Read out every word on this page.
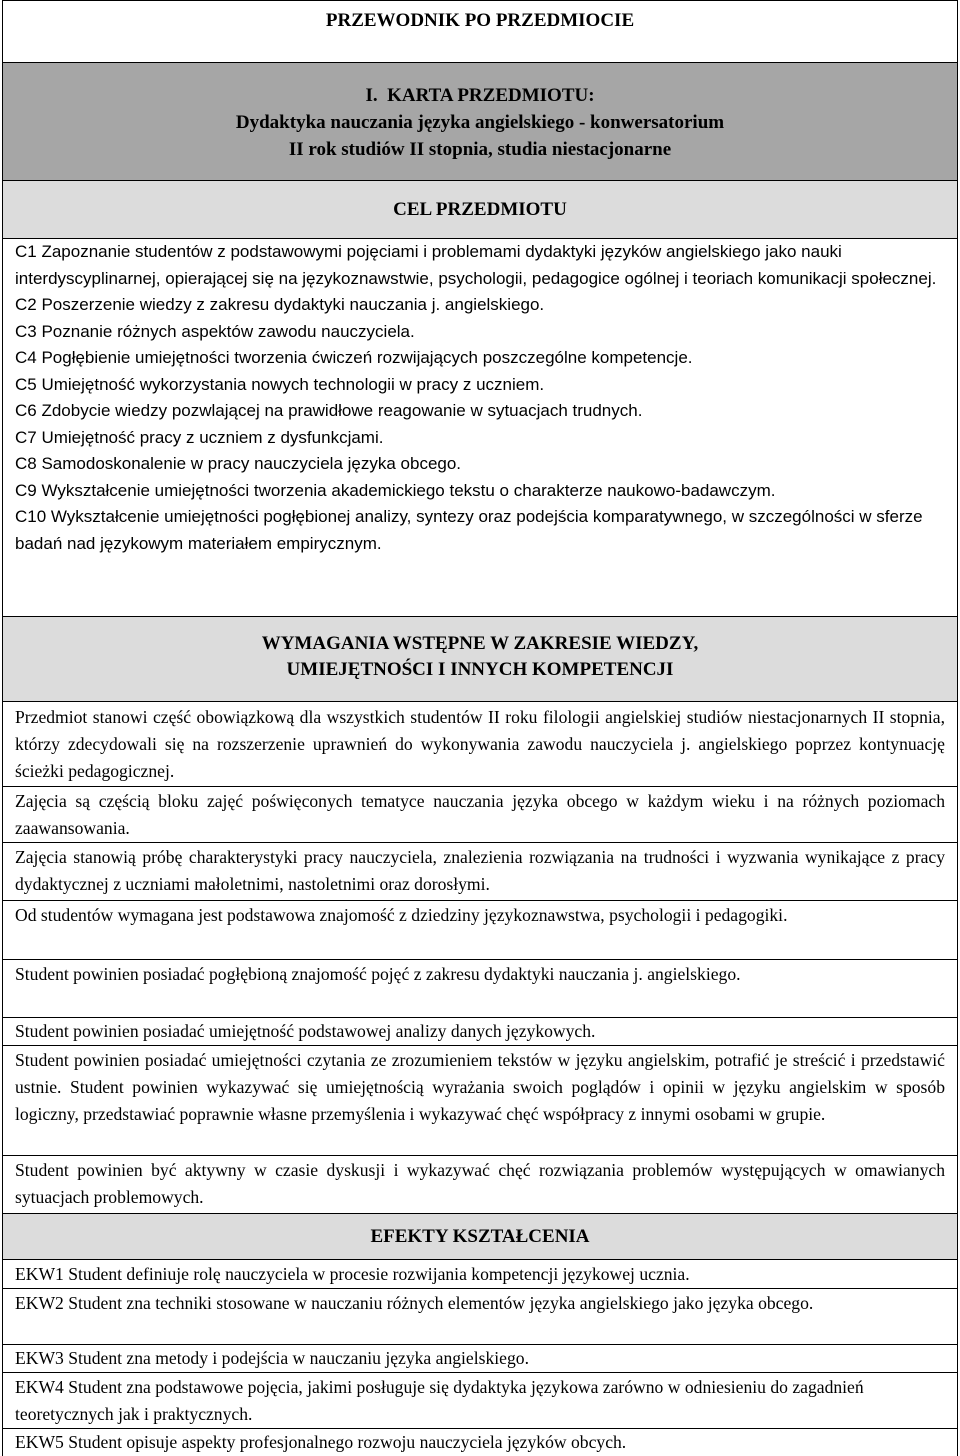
PRZEWODNIK PO PRZEDMIOCIE
I.  KARTA PRZEDMIOTU:
Dydaktyka nauczania języka angielskiego - konwersatorium
II rok studiów II stopnia, studia niestacjonarne
CEL PRZEDMIOTU

C1 Zapoznanie studentów z podstawowymi pojęciami i problemami dydaktyki języków angielskiego jako nauki interdyscyplinarnej, opierającej się na językoznawstwie, psychologii, pedagogice ogólnej i teoriach komunikacji społecznej.

C2 Poszerzenie wiedzy z zakresu dydaktyki nauczania j. angielskiego.

C3 Poznanie różnych aspektów zawodu nauczyciela.

C4 Pogłębienie umiejętności tworzenia ćwiczeń rozwijających poszczególne kompetencje.

C5 Umiejętność wykorzystania nowych technologii w pracy z uczniem.

C6 Zdobycie wiedzy pozwlającej na prawidłowe reagowanie w sytuacjach trudnych.

C7 Umiejętność pracy z uczniem z dysfunkcjami.

C8 Samodoskonalenie w pracy nauczyciela języka obcego.

C9 Wykształcenie umiejętności tworzenia akademickiego tekstu o charakterze naukowo-badawczym.

C10 Wykształcenie umiejętności pogłębionej analizy, syntezy oraz podejścia komparatywnego, w szczególności w sferze badań nad językowym materiałem empirycznym.

WYMAGANIA WSTĘPNE W ZAKRESIE WIEDZY,
UMIEJĘTNOŚCI I INNYCH KOMPETENCJI

Przedmiot stanowi część obowiązkową dla wszystkich studentów II roku filologii angielskiej studiów niestacjonarnych II stopnia, którzy zdecydowali się na rozszerzenie uprawnień do wykonywania zawodu nauczyciela j. angielskiego poprzez kontynuację ścieżki pedagogicznej.

Zajęcia są częścią bloku zajęć poświęconych tematyce nauczania języka obcego w każdym wieku i na różnych poziomach zaawansowania.

Zajęcia stanowią próbę charakterystyki pracy nauczyciela, znalezienia rozwiązania na trudności i wyzwania wynikające z pracy dydaktycznej z uczniami małoletnimi, nastoletnimi oraz dorosłymi.

Od studentów wymagana jest podstawowa znajomość z dziedziny językoznawstwa, psychologii i pedagogiki.

Student powinien posiadać pogłębioną znajomość pojęć z zakresu dydaktyki nauczania j. angielskiego.

Student powinien posiadać umiejętność podstawowej analizy danych językowych.

Student powinien posiadać umiejętności czytania ze zrozumieniem tekstów w języku angielskim, potrafić je streścić i przedstawić ustnie. Student powinien wykazywać się umiejętnością wyrażania swoich poglądów i opinii w języku angielskim w sposób logiczny, przedstawiać poprawnie własne przemyślenia i wykazywać chęć współpracy z innymi osobami w grupie.

Student powinien być aktywny w czasie dyskusji i wykazywać chęć rozwiązania problemów występujących w omawianych sytuacjach problemowych.

EFEKTY KSZTAŁCENIA

EKW1 Student definiuje rolę nauczyciela w procesie rozwijania kompetencji językowej ucznia.

EKW2 Student zna techniki stosowane w nauczaniu różnych elementów języka angielskiego jako języka obcego.

EKW3 Student zna metody i podejścia w nauczaniu języka angielskiego.

EKW4 Student zna podstawowe pojęcia, jakimi posługuje się dydaktyka językowa zarówno w odniesieniu do zagadnień teoretycznych jak i praktycznych.

EKW5 Student opisuje aspekty profesjonalnego rozwoju nauczyciela języków obcych.
